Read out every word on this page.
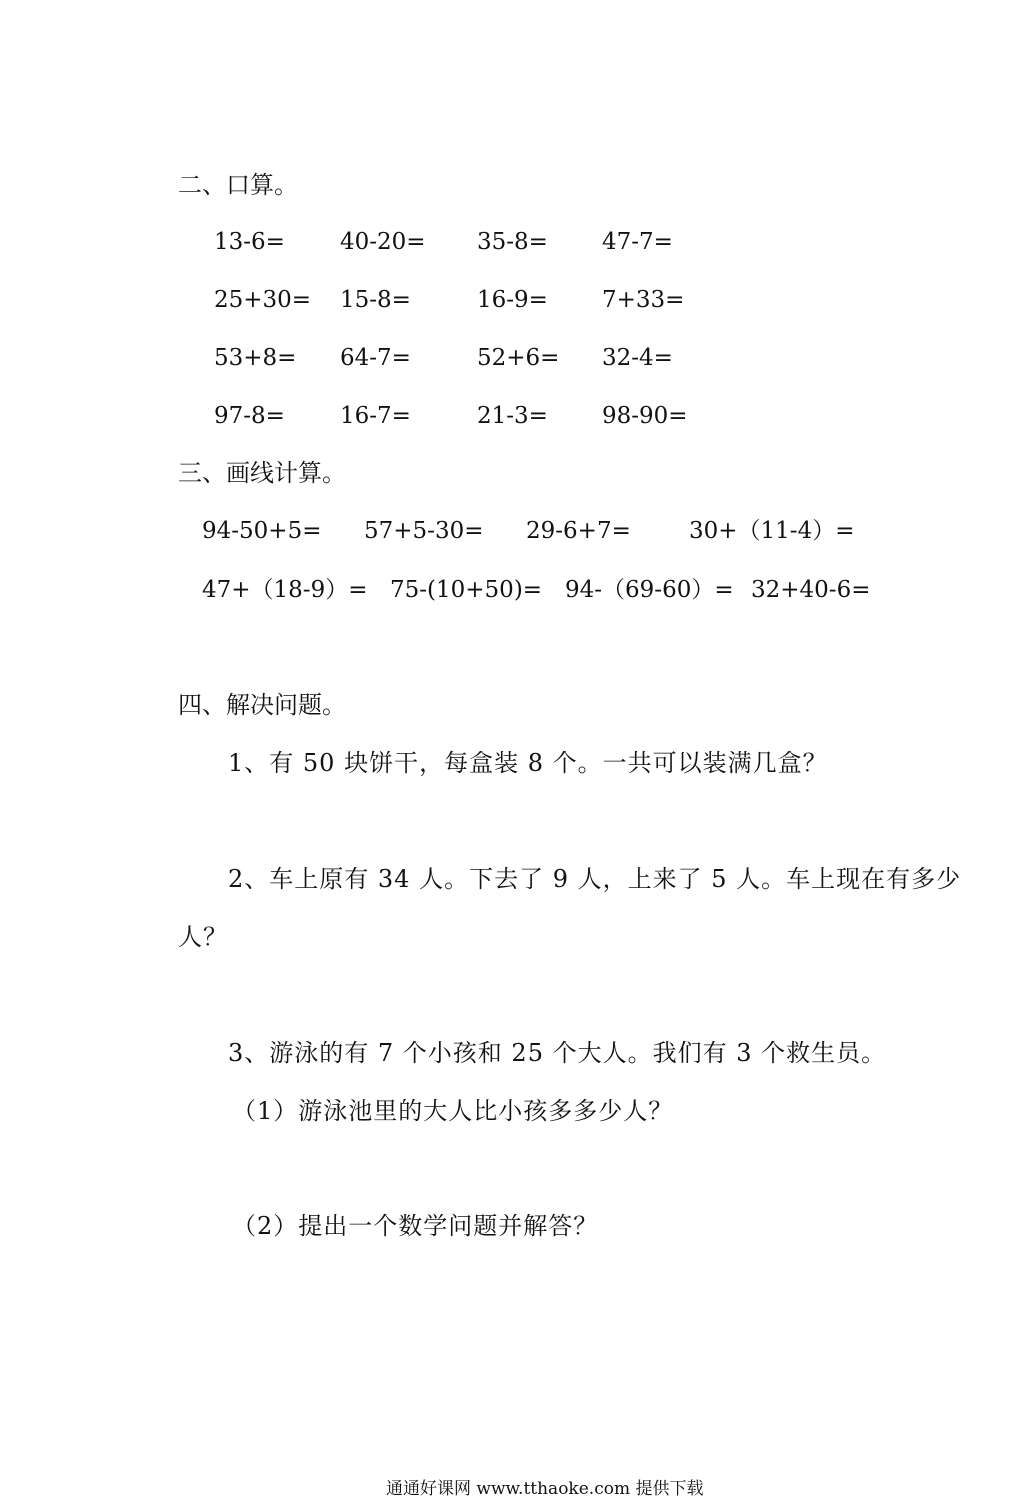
二、口算。
13-6= 40-20= 35-8= 47-7=
25+30= 15-8=	16-9= 7+33=
53+8= 64-7=	52+6= 32-4=
97-8= 16-7=	21-3= 98-90=
三、画线计算。
94-50+5= 57+5-30= 29-6+7=	30+（11-4）=
47+（18-9）= 75-(10+50)= 94-（69-60）= 32+40-6=
四、解决问题。
1、有 50 块饼干，每盒装 8 个。一共可以装满几盒？
2、车上原有 34 人。下去了 9 人，上来了 5 人。车上现在有多少
人？
3、游泳的有 7 个小孩和 25 个大人。我们有 3 个救生员。
（1）游泳池里的大人比小孩多多少人？
（2）提出一个数学问题并解答？
通通好课网 www.tthaoke.com 提供下载
